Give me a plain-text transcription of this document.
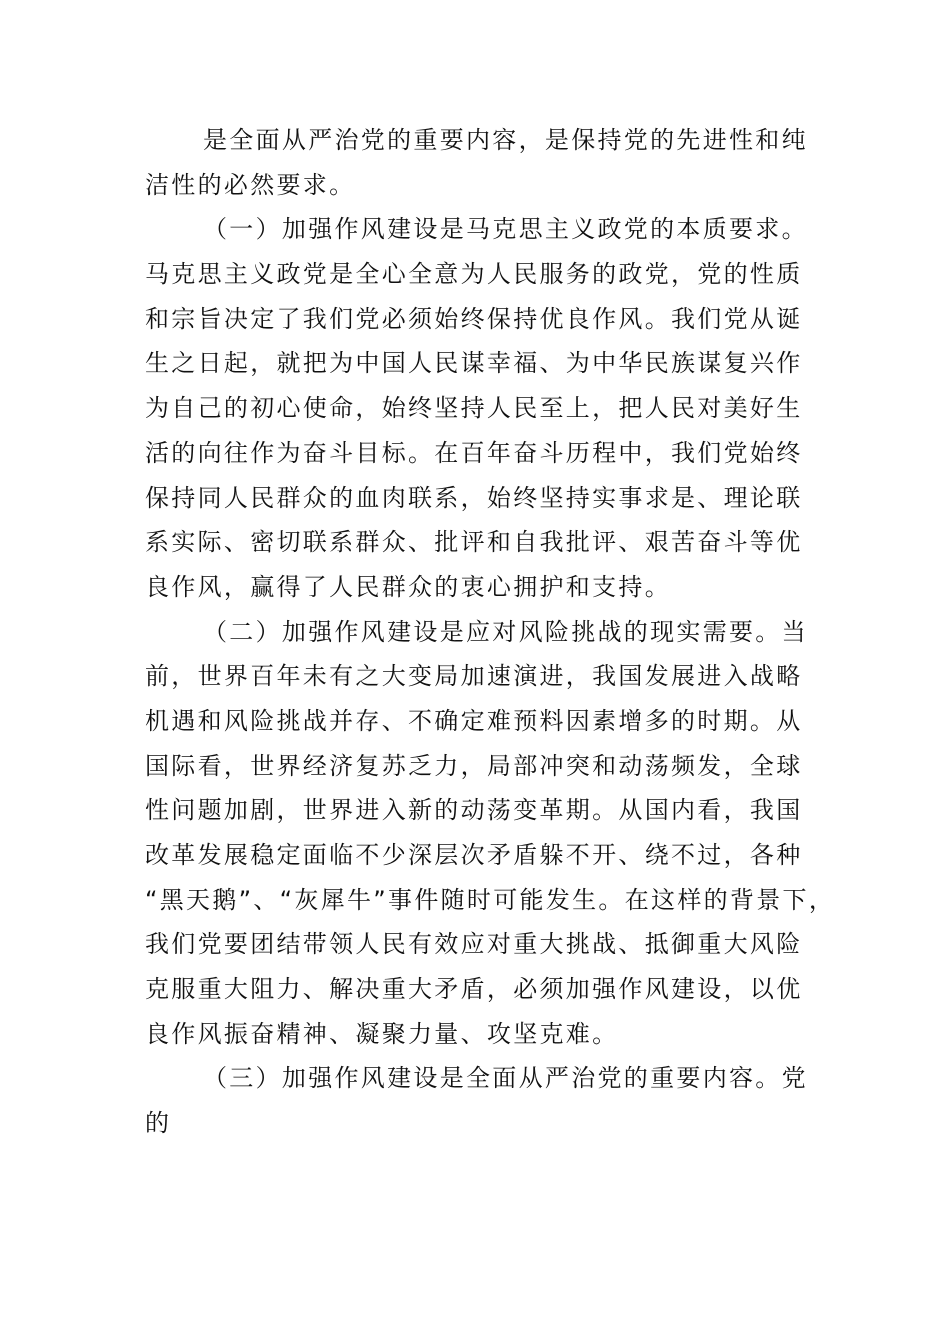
是全面从严治党的重要内容，是保持党的先进性和纯
洁性的必然要求。
（一）加强作风建设是马克思主义政党的本质要求。
马克思主义政党是全心全意为人民服务的政党，党的性质
和宗旨决定了我们党必须始终保持优良作风。我们党从诞
生之日起，就把为中国人民谋幸福、为中华民族谋复兴作
为自己的初心使命，始终坚持人民至上，把人民对美好生
活的向往作为奋斗目标。在百年奋斗历程中，我们党始终
保持同人民群众的血肉联系，始终坚持实事求是、理论联
系实际、密切联系群众、批评和自我批评、艰苦奋斗等优
良作风，赢得了人民群众的衷心拥护和支持。
（二）加强作风建设是应对风险挑战的现实需要。当
前，世界百年未有之大变局加速演进，我国发展进入战略
机遇和风险挑战并存、不确定难预料因素增多的时期。从
国际看，世界经济复苏乏力，局部冲突和动荡频发，全球
性问题加剧，世界进入新的动荡变革期。从国内看，我国
改革发展稳定面临不少深层次矛盾躲不开、绕不过，各种
“黑天鹅”、“灰犀牛”事件随时可能发生。在这样的背景下，
我们党要团结带领人民有效应对重大挑战、抵御重大风险
克服重大阻力、解决重大矛盾，必须加强作风建设，以优
良作风振奋精神、凝聚力量、攻坚克难。
（三）加强作风建设是全面从严治党的重要内容。党
的
